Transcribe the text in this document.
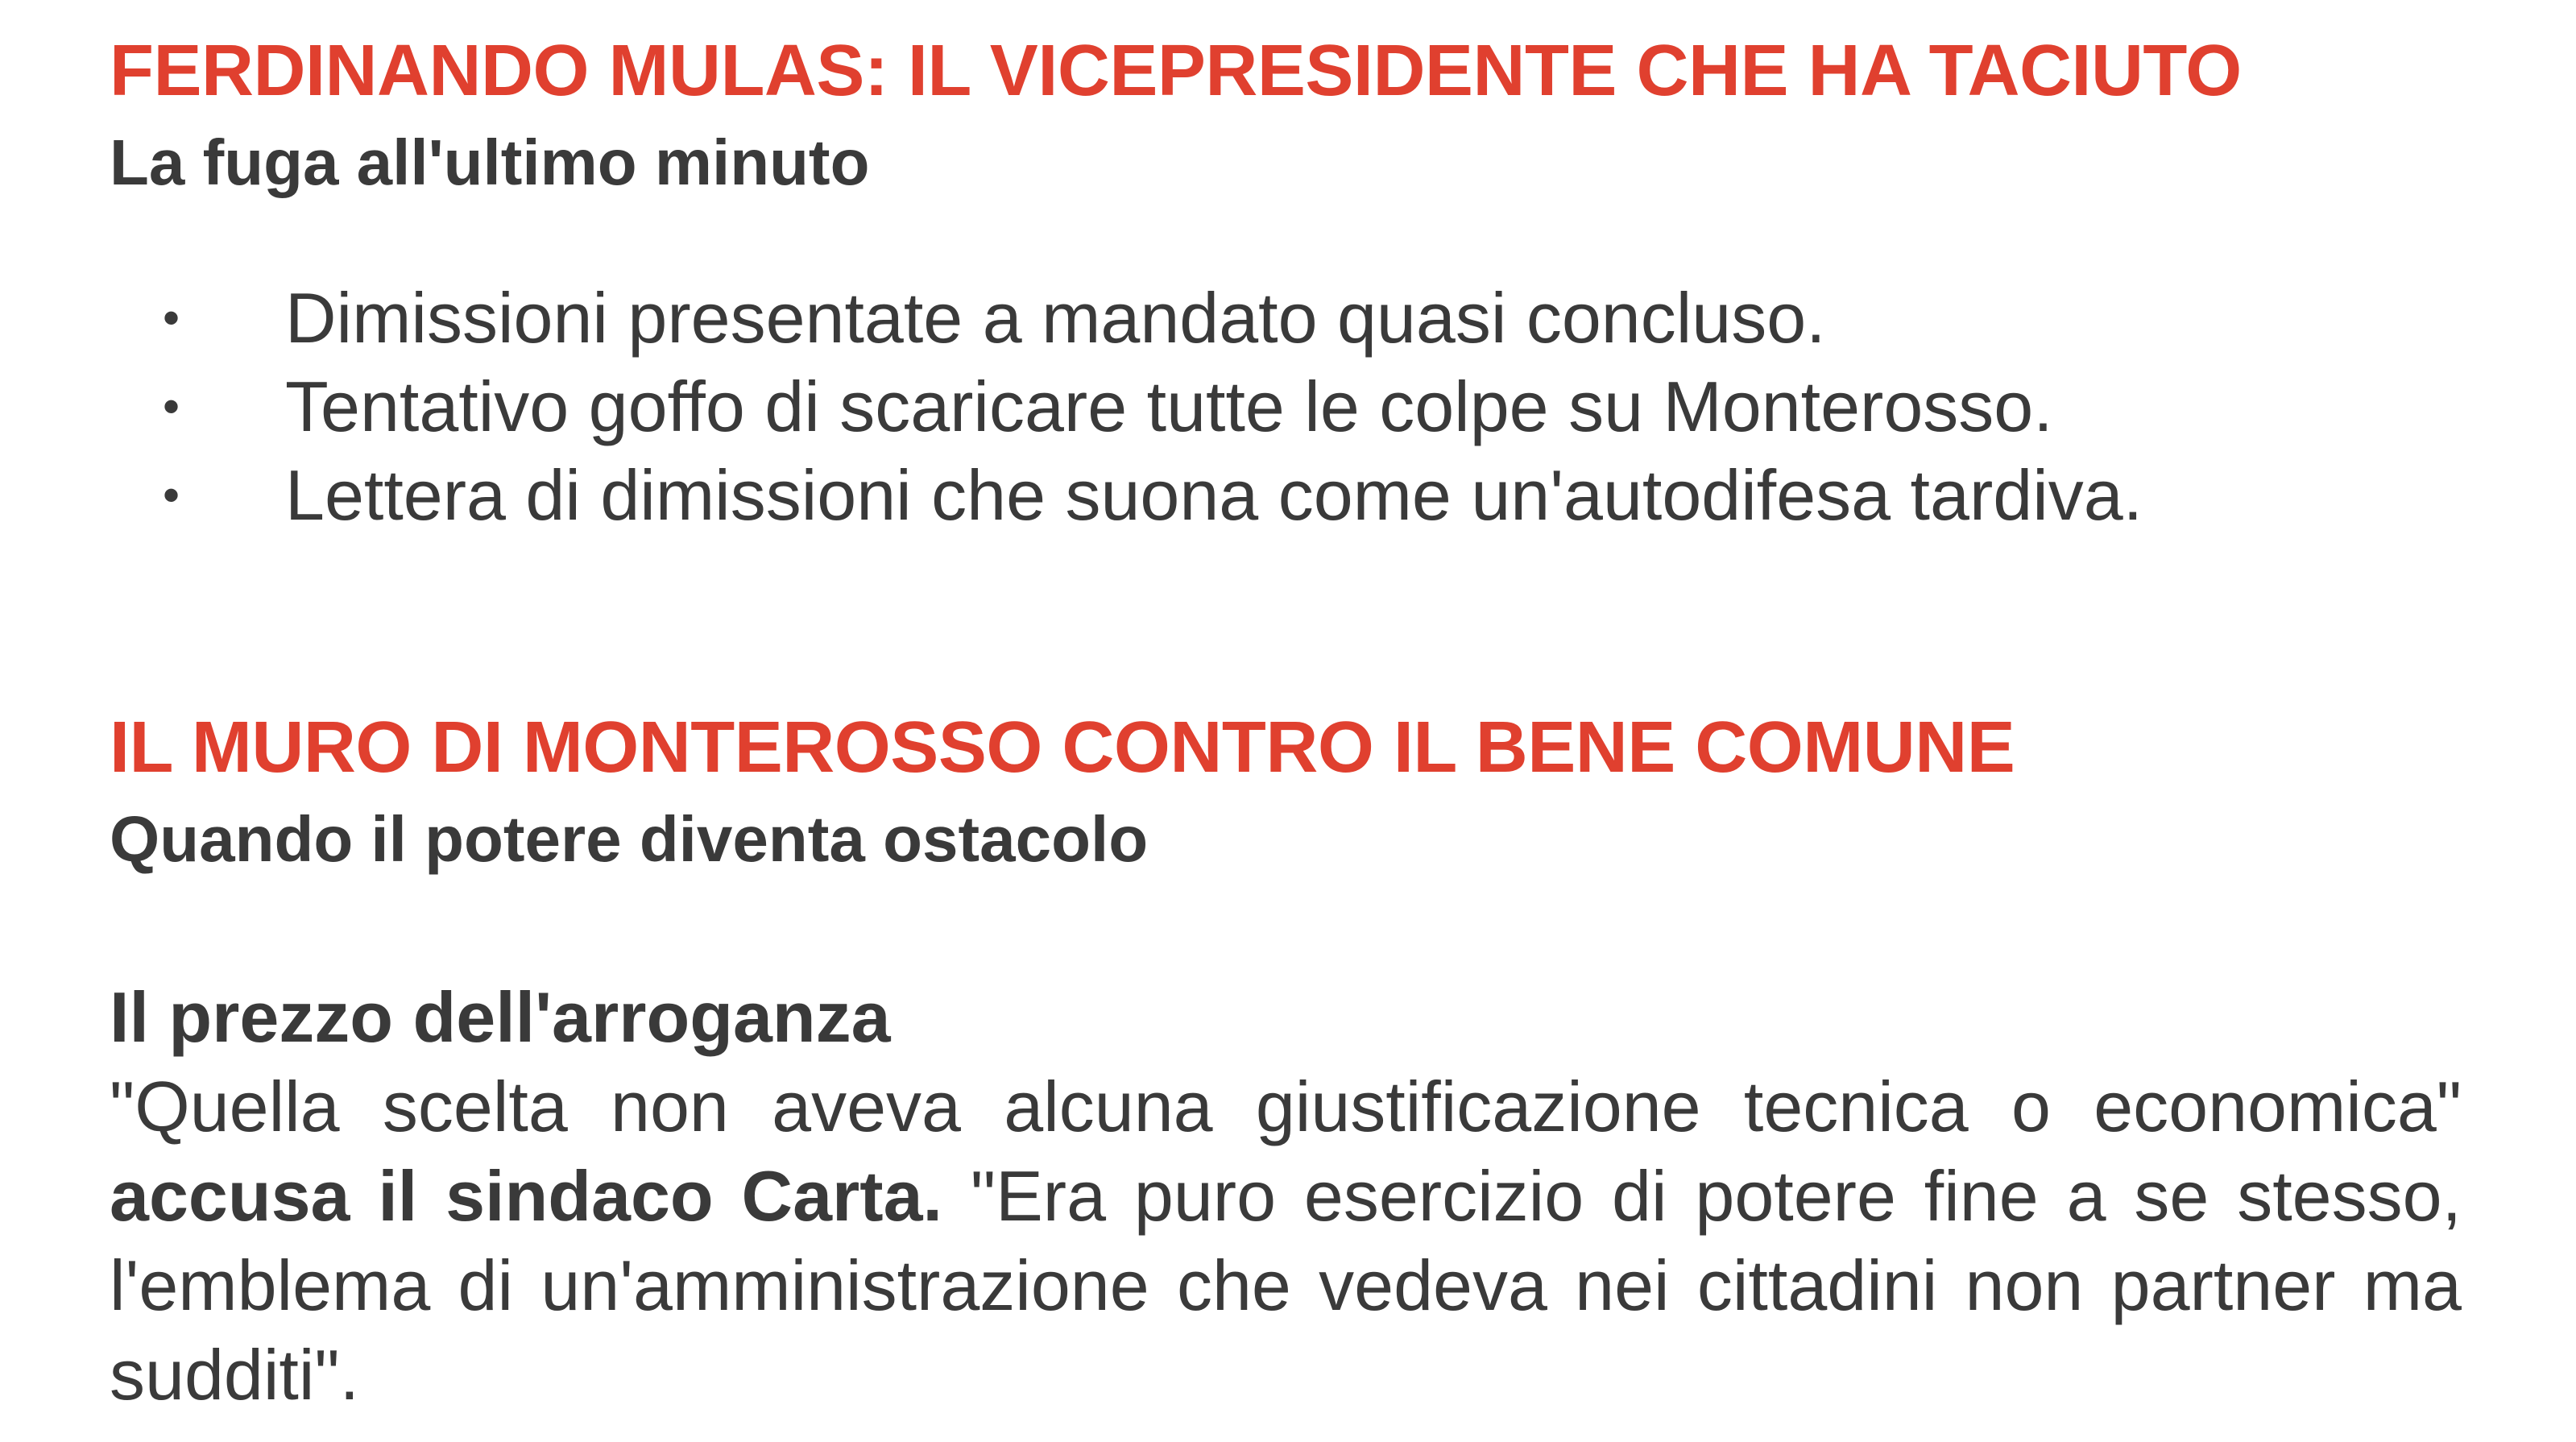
FERDINANDO MULAS: IL VICEPRESIDENTE CHE HA TACIUTO
La fuga all'ultimo minuto
• Dimissioni presentate a mandato quasi concluso.
• Tentativo goffo di scaricare tutte le colpe su Monterosso.
• Lettera di dimissioni che suona come un'autodifesa tardiva.
IL MURO DI MONTEROSSO CONTRO IL BENE COMUNE
Quando il potere diventa ostacolo
Il prezzo dell'arroganza

"Quella scelta non aveva alcuna giustificazione tecnica o economica" accusa il sindaco Carta. "Era puro esercizio di potere fine a se stesso, l'emblema di un'amministrazione che vedeva nei cittadini non partner ma sudditi".
